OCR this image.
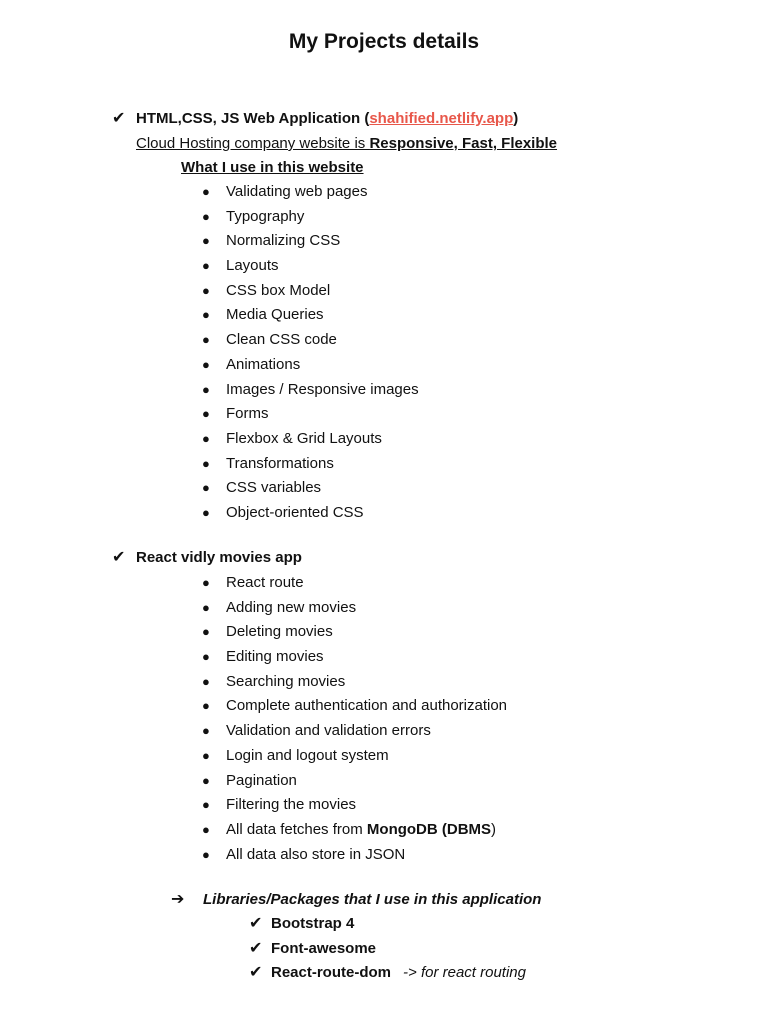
My Projects details
✔ HTML,CSS, JS Web Application (shahified.netlify.app)
Cloud Hosting company website is Responsive, Fast, Flexible
What I use in this website
● Validating web pages
● Typography
● Normalizing CSS
● Layouts
● CSS box Model
● Media Queries
● Clean CSS code
● Animations
● Images / Responsive images
● Forms
● Flexbox & Grid Layouts
● Transformations
● CSS variables
● Object-oriented CSS
✔ React vidly movies app
● React route
● Adding new movies
● Deleting movies
● Editing movies
● Searching movies
● Complete authentication and authorization
● Validation and validation errors
● Login and logout system
● Pagination
● Filtering the movies
● All data fetches from MongoDB (DBMS)
● All data also store in JSON
➔	Libraries/Packages that I use in this application
✔ Bootstrap 4
✔ Font-awesome
✔ React-route-dom -> for react routing
